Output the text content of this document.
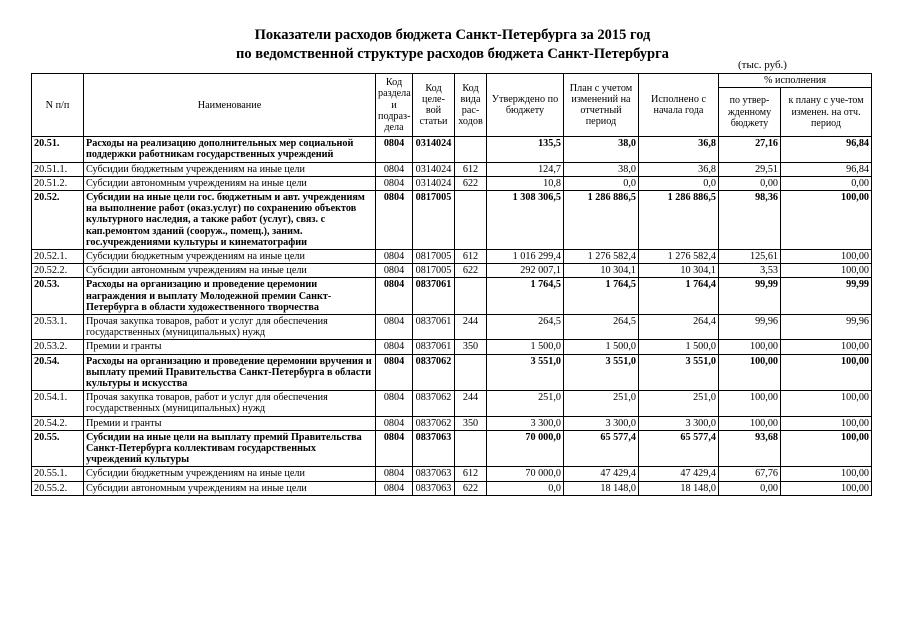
Показатели расходов бюджета Санкт-Петербурга за 2015 год
по ведомственной структуре расходов бюджета Санкт-Петербурга
(тыс. руб.)
N п/п	Наименование	Код раздела и подраз-дела	Код целе-вой статьи	Код вида рас-ходов	Утверждено по бюджету	План с учетом изменений на отчетный период	Исполнено с начала года	% исполнения	
								по утвер-жденному бюджету	к плану с уче-том изменен. на отч. период
20.51.	Расходы на реализацию дополнительных мер социальной поддержки работникам государственных учреждений	0804	0314024		135,5	38,0	36,8	27,16	96,84
20.51.1.	Субсидии бюджетным учреждениям на иные цели	0804	0314024	612	124,7	38,0	36,8	29,51	96,84
20.51.2.	Субсидии автономным учреждениям на иные цели	0804	0314024	622	10,8	0,0	0,0	0,00	0,00
20.52.	Субсидии на иные цели гос. бюджетным и авт. учреждениям на выполнение работ (оказ.услуг) по сохранению объектов культурного наследия, а также работ (услуг), связ. с кап.ремонтом зданий (сооруж., помещ.), заним. гос.учреждениями культуры и кинематографии	0804	0817005		1 308 306,5	1 286 886,5	1 286 886,5	98,36	100,00
20.52.1.	Субсидии бюджетным учреждениям на иные цели	0804	0817005	612	1 016 299,4	1 276 582,4	1 276 582,4	125,61	100,00
20.52.2.	Субсидии автономным учреждениям на иные цели	0804	0817005	622	292 007,1	10 304,1	10 304,1	3,53	100,00
20.53.	Расходы на организацию и проведение церемонии награждения и выплату Молодежной премии Санкт-Петербурга в области художественного творчества	0804	0837061		1 764,5	1 764,5	1 764,4	99,99	99,99
20.53.1.	Прочая закупка товаров, работ и услуг для обеспечения государственных (муниципальных) нужд	0804	0837061	244	264,5	264,5	264,4	99,96	99,96
20.53.2.	Премии и гранты	0804	0837061	350	1 500,0	1 500,0	1 500,0	100,00	100,00
20.54.	Расходы на организацию и проведение церемонии вручения и выплату премий Правительства Санкт-Петербурга в области культуры и искусства	0804	0837062		3 551,0	3 551,0	3 551,0	100,00	100,00
20.54.1.	Прочая закупка товаров, работ и услуг для обеспечения государственных (муниципальных) нужд	0804	0837062	244	251,0	251,0	251,0	100,00	100,00
20.54.2.	Премии и гранты	0804	0837062	350	3 300,0	3 300,0	3 300,0	100,00	100,00
20.55.	Субсидии на иные цели на выплату премий Правительства Санкт-Петербурга коллективам государственных учреждений культуры	0804	0837063		70 000,0	65 577,4	65 577,4	93,68	100,00
20.55.1.	Субсидии бюджетным учреждениям на иные цели	0804	0837063	612	70 000,0	47 429,4	47 429,4	67,76	100,00
20.55.2.	Субсидии автономным учреждениям на иные цели	0804	0837063	622	0,0	18 148,0	18 148,0	0,00	100,00
